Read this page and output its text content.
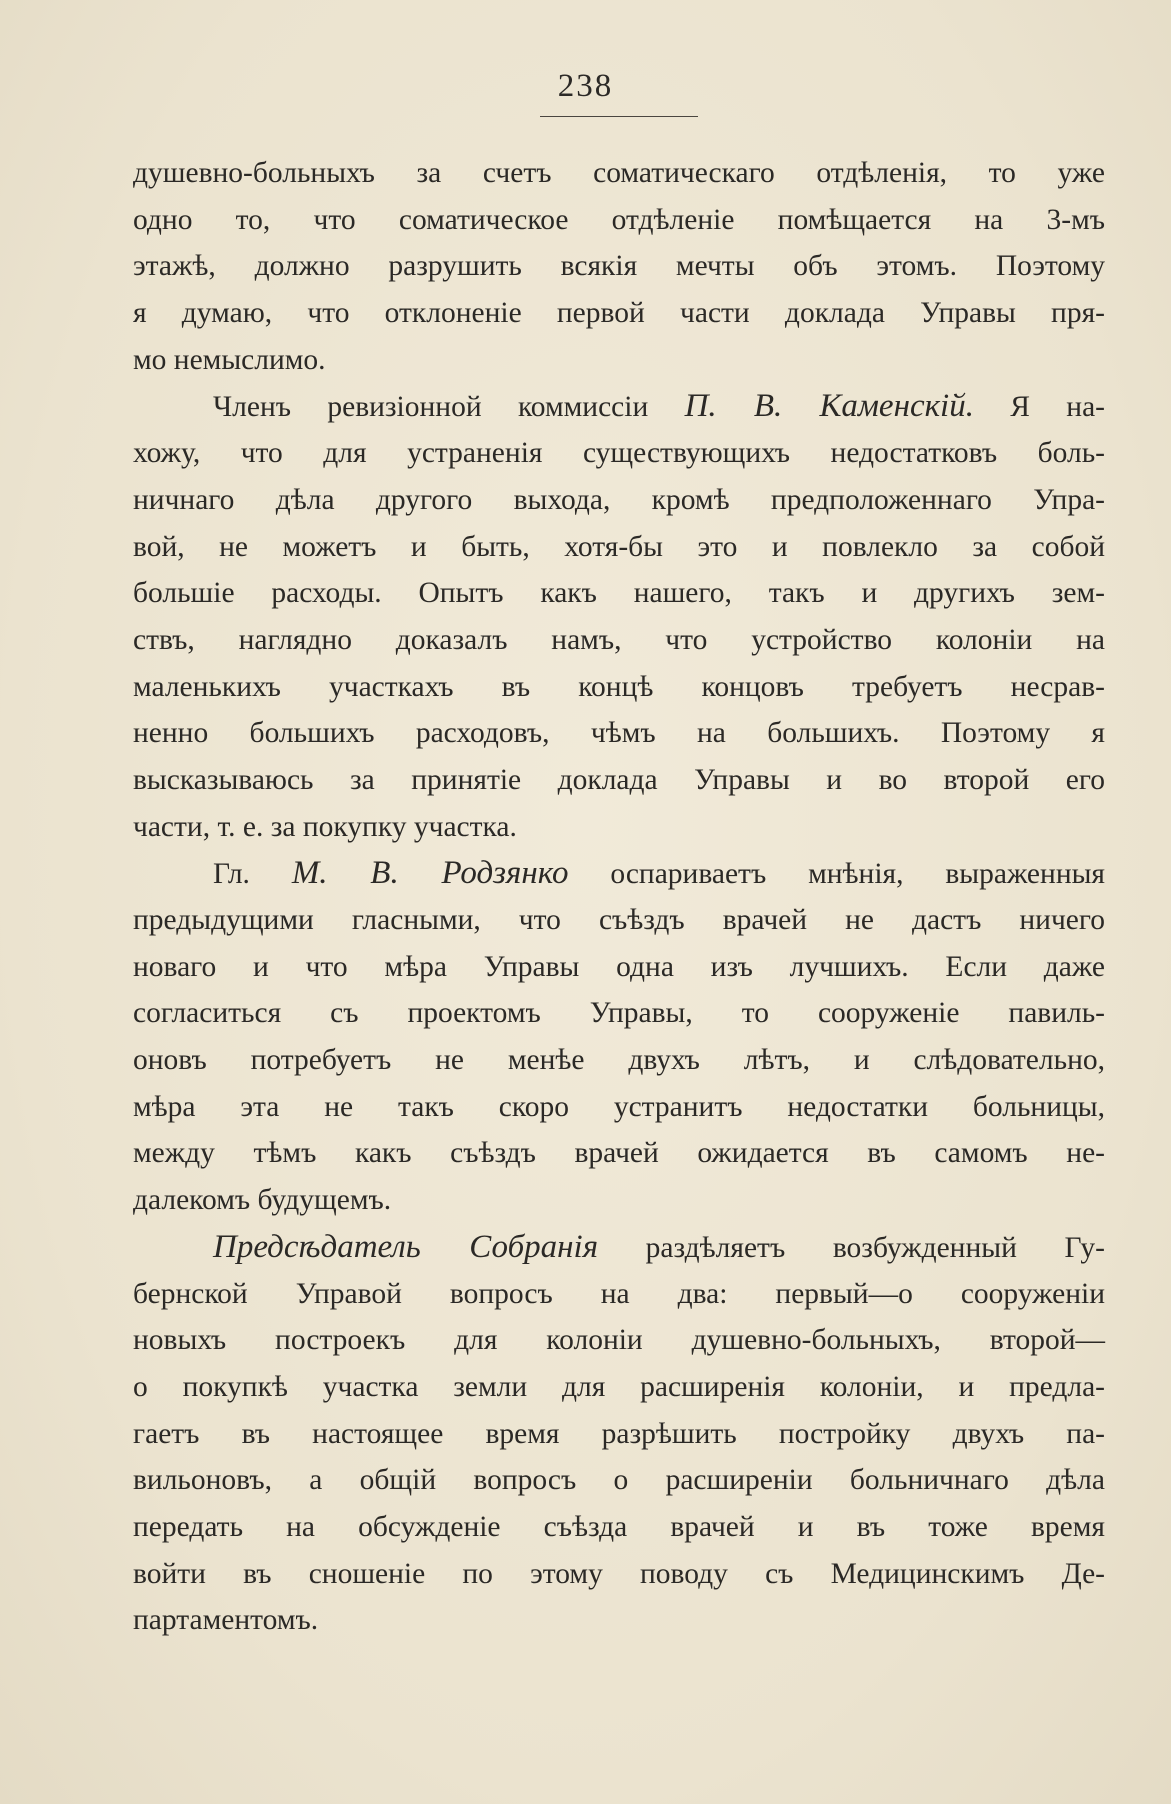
238
душевно-больныхъ за счетъ соматическаго отдѣленія, то уже
одно то, что соматическое отдѣленіе помѣщается на 3-мъ
этажѣ, должно разрушить всякія мечты объ этомъ. Поэтому
я думаю, что отклоненіе первой части доклада Управы пря-
мо немыслимо.
Членъ ревизіонной коммиссіи П. В. Каменскій. Я на-
хожу, что для устраненія существующихъ недостатковъ боль-
ничнаго дѣла другого выхода, кромѣ предположеннаго Упра-
вой, не можетъ и быть, хотя-бы это и повлекло за собой
большіе расходы. Опытъ какъ нашего, такъ и другихъ зем-
ствъ, наглядно доказалъ намъ, что устройство колоніи на
маленькихъ участкахъ въ концѣ концовъ требуетъ несрав-
ненно большихъ расходовъ, чѣмъ на большихъ. Поэтому я
высказываюсь за принятіе доклада Управы и во второй его
части, т. е. за покупку участка.
Гл. М. В. Родзянко оспариваетъ мнѣнія, выраженныя
предыдущими гласными, что съѣздъ врачей не дастъ ничего
новаго и что мѣра Управы одна изъ лучшихъ. Если даже
согласиться съ проектомъ Управы, то сооруженіе павиль-
оновъ потребуетъ не менѣе двухъ лѣтъ, и слѣдовательно,
мѣра эта не такъ скоро устранитъ недостатки больницы,
между тѣмъ какъ съѣздъ врачей ожидается въ самомъ не-
далекомъ будущемъ.
Предсѣдатель Собранія раздѣляетъ возбужденный Гу-
бернской Управой вопросъ на два: первый—о сооруженіи
новыхъ построекъ для колоніи душевно-больныхъ, второй—
о покупкѣ участка земли для расширенія колоніи, и предла-
гаетъ въ настоящее время разрѣшить постройку двухъ па-
вильоновъ, а общій вопросъ о расширеніи больничнаго дѣла
передать на обсужденіе съѣзда врачей и въ тоже время
войти въ сношеніе по этому поводу съ Медицинскимъ Де-
партаментомъ.
